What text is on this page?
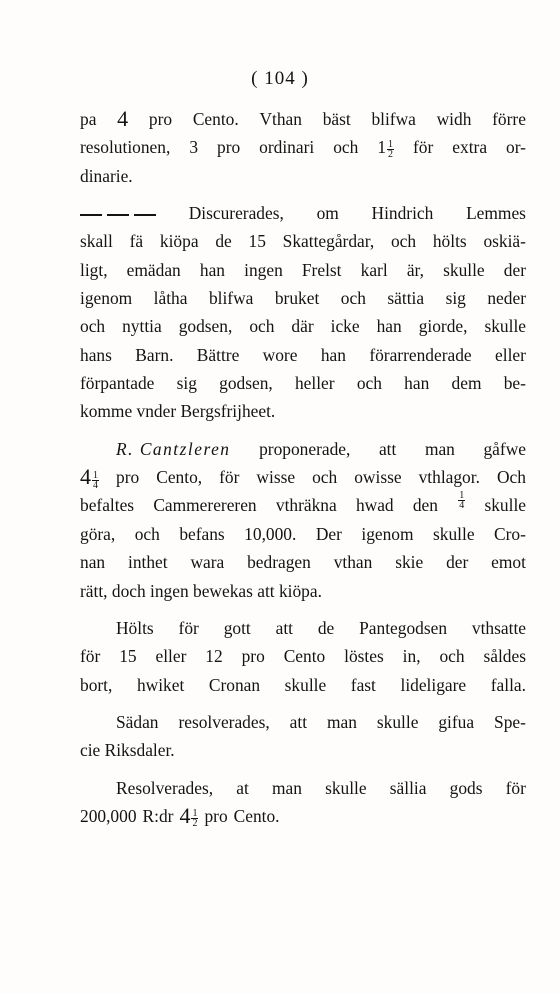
( 104 )
pa 4 pro Cento. Vthan bäst blifwa widh förre
resolutionen, 3 pro ordinari och $1 \frac{1}{2}$ för extra or-
dinarie.
Discurerades, om Hindrich Lemmes
skall fä kiöpa de 15 Skattegårdar, och hölts oskiä-
ligt, emädan han ingen Frelst karl är, skulle der
igenom låtha blifwa bruket och sättia sig neder
och nyttia godsen, och där icke han giorde, skulle
hans Barn. Bättre wore han förarrenderade eller
förpantade sig godsen, heller och han dem be-
komme vnder Bergsfrijheet.
R. Cantzleren proponerade, att man gåfwe
$4 \frac{1}{4}$ pro Cento, för wisse och owisse vthlagor. Och
befaltes Cammerereren vthräkna hwad den $\frac{1}{4}$ skulle
göra, och befans 10,000. Der igenom skulle Cro-
nan inthet wara bedragen vthan skie der emot
rätt, doch ingen bewekas att kiöpa.
Hölts för gott att de Pantegodsen vthsatte
för 15 eller 12 pro Cento löstes in, och såldes
bort, hwiket Cronan skulle fast lideligare falla.
Sädan resolverades, att man skulle gifua Spe-
cie Riksdaler.
Resolverades, at man skulle sällia gods för
200,000 R:dr $4 \frac{1}{2}$ pro Cento.
